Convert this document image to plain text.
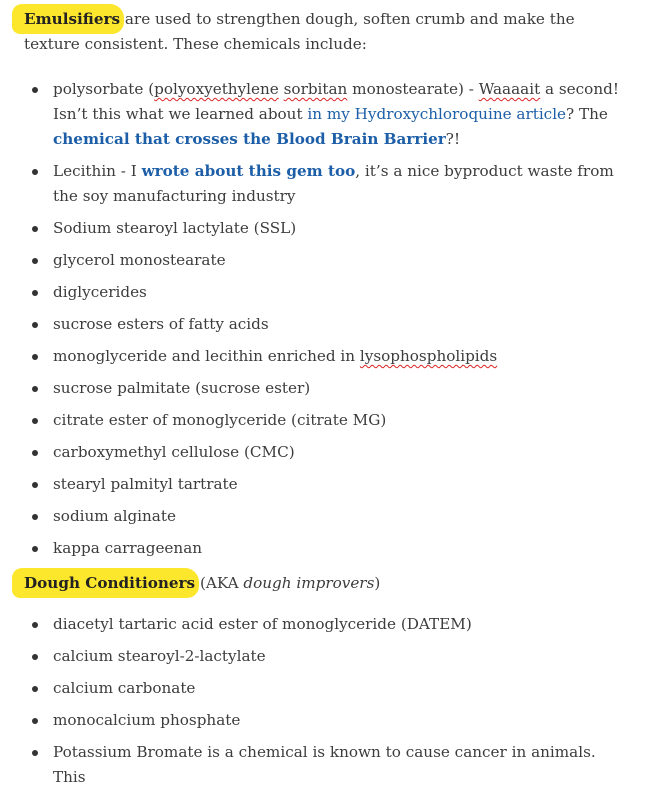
Emulsifiers are used to strengthen dough, soften crumb and make the texture consistent. These chemicals include:

polysorbate (polyoxyethylene sorbitan monostearate) - Waaaait a second! Isn’t this what we learned about in my Hydroxychloroquine article? The chemical that crosses the Blood Brain Barrier?!
Lecithin - I wrote about this gem too, it’s a nice byproduct waste from the soy manufacturing industry
Sodium stearoyl lactylate (SSL)
glycerol monostearate
diglycerides
sucrose esters of fatty acids
monoglyceride and lecithin enriched in lysophospholipids
sucrose palmitate (sucrose ester)
citrate ester of monoglyceride (citrate MG)
carboxymethyl cellulose (CMC)
stearyl palmityl tartrate
sodium alginate
kappa carrageenan

Dough Conditioners (AKA dough improvers)

diacetyl tartaric acid ester of monoglyceride (DATEM)
calcium stearoyl-2-lactylate
calcium carbonate
monocalcium phosphate
Potassium Bromate is a chemical is known to cause cancer in animals. This
